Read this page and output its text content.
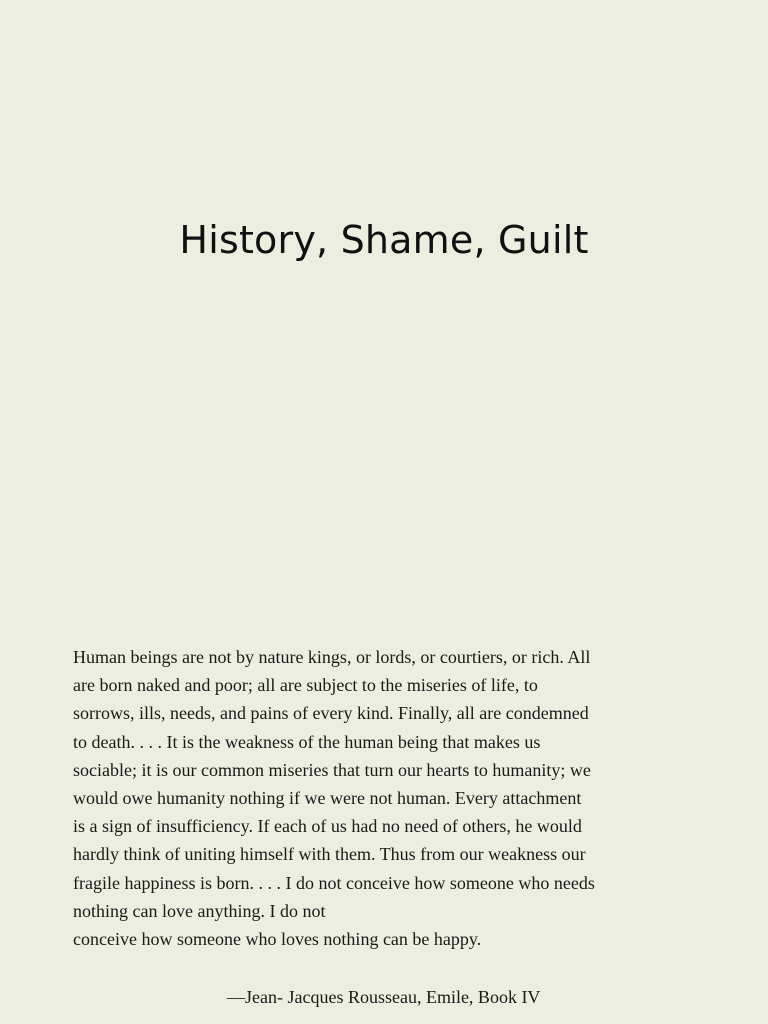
History, Shame, Guilt
Human beings are not by nature kings, or lords, or courtiers, or rich. All
are born naked and poor; all are subject to the miseries of life, to
sorrows, ills, needs, and pains of every kind. Finally, all are condemned
to death. . . . It is the weakness of the human being that makes us
sociable; it is our common miseries that turn our hearts to humanity; we
would owe humanity nothing if we were not human. Every attachment
is a sign of insufficiency. If each of us had no need of others, he would
hardly think of uniting himself with them. Thus from our weakness our
fragile happiness is born. . . . I do not conceive how someone who needs
nothing can love anything. I do not
conceive how someone who loves nothing can be happy.

—Jean- Jacques Rousseau, Emile, Book IV
